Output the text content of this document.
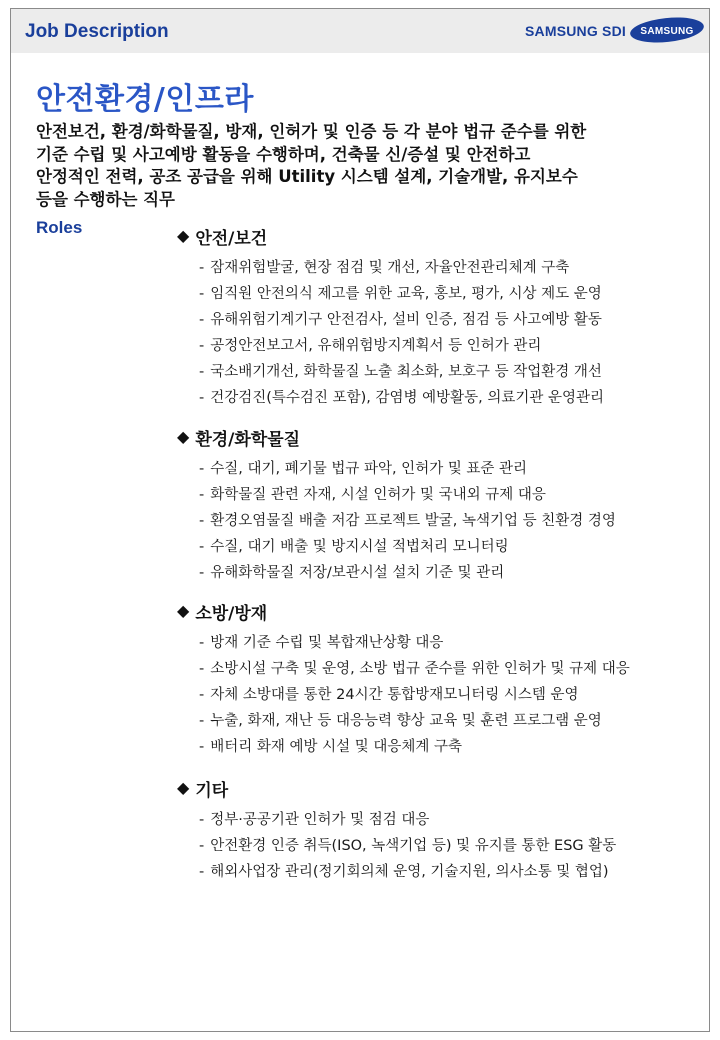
Job Description	SAMSUNG SDI SAMSUNG
안전환경/인프라
안전보건, 환경/화학물질, 방재, 인허가 및 인증 등 각 분야 법규 준수를 위한
기준 수립 및 사고예방 활동을 수행하며, 건축물 신/증설 및 안전하고
안정적인 전력, 공조 공급을 위해 Utility 시스템 설계, 기술개발, 유지보수
등을 수행하는 직무
Roles	◆ 안전/보건
- 잠재위험발굴, 현장 점검 및 개선, 자율안전관리체계 구축
- 임직원 안전의식 제고를 위한 교육, 홍보, 평가, 시상 제도 운영
- 유해위험기계기구 안전검사, 설비 인증, 점검 등 사고예방 활동
- 공정안전보고서, 유해위험방지계획서 등 인허가 관리
- 국소배기개선, 화학물질 노출 최소화, 보호구 등 작업환경 개선
- 건강검진(특수검진 포함), 감염병 예방활동, 의료기관 운영관리
◆ 환경/화학물질
- 수질, 대기, 폐기물 법규 파악, 인허가 및 표준 관리
- 화학물질 관련 자재, 시설 인허가 및 국내외 규제 대응
- 환경오염물질 배출 저감 프로젝트 발굴, 녹색기업 등 친환경 경영
- 수질, 대기 배출 및 방지시설 적법처리 모니터링
- 유해화학물질 저장/보관시설 설치 기준 및 관리
◆ 소방/방재
- 방재 기준 수립 및 복합재난상황 대응
- 소방시설 구축 및 운영, 소방 법규 준수를 위한 인허가 및 규제 대응
- 자체 소방대를 통한 24시간 통합방재모니터링 시스템 운영
- 누출, 화재, 재난 등 대응능력 향상 교육 및 훈련 프로그램 운영
- 배터리 화재 예방 시설 및 대응체계 구축
◆ 기타
- 정부·공공기관 인허가 및 점검 대응
- 안전환경 인증 취득(ISO, 녹색기업 등) 및 유지를 통한 ESG 활동
- 해외사업장 관리(정기회의체 운영, 기술지원, 의사소통 및 협업)
